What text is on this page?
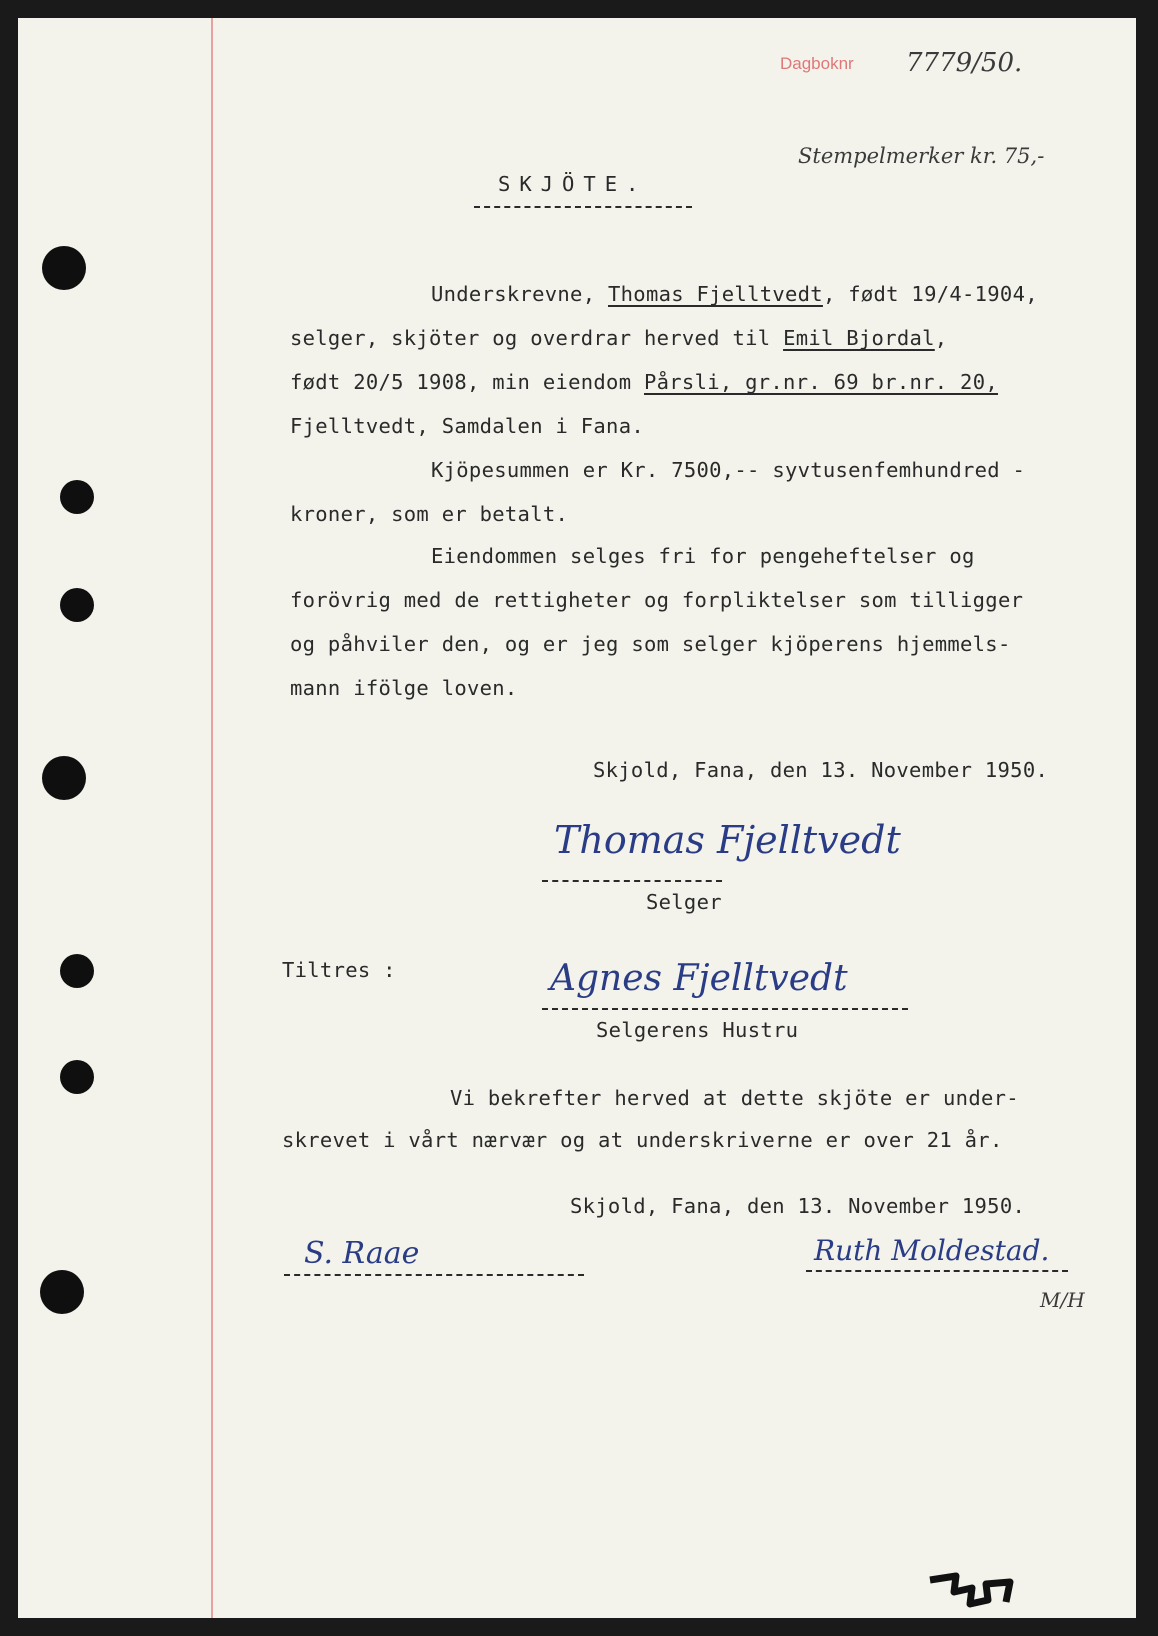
Dagboknr 7779/50.
Stempelmerker kr. 75,-
SKJÖTE.
Underskrevne, Thomas Fjelltvedt, født 19/4-1904,
selger, skjöter og overdrar herved til Emil Bjordal,
født 20/5 1908, min eiendom Pårsli, gr.nr. 69 br.nr. 20,
Fjelltvedt, Samdalen i Fana.
Kjöpesummen er Kr. 7500,-- syvtusenfemhundred -
kroner, som er betalt.
Eiendommen selges fri for pengeheftelser og
forövrig med de rettigheter og forpliktelser som tilligger
og påhviler den, og er jeg som selger kjöperens hjemmels-
mann ifölge loven.
Skjold, Fana, den 13. November 1950.
Thomas Fjelltvedt
Selger
Tiltres :	Agnes Fjelltvedt
Selgerens Hustru
Vi bekrefter herved at dette skjöte er under-
skrevet i vårt nærvær og at underskriverne er over 21 år.
Skjold, Fana, den 13. November 1950.
S. Raae	Ruth Moldestad.
M/H
